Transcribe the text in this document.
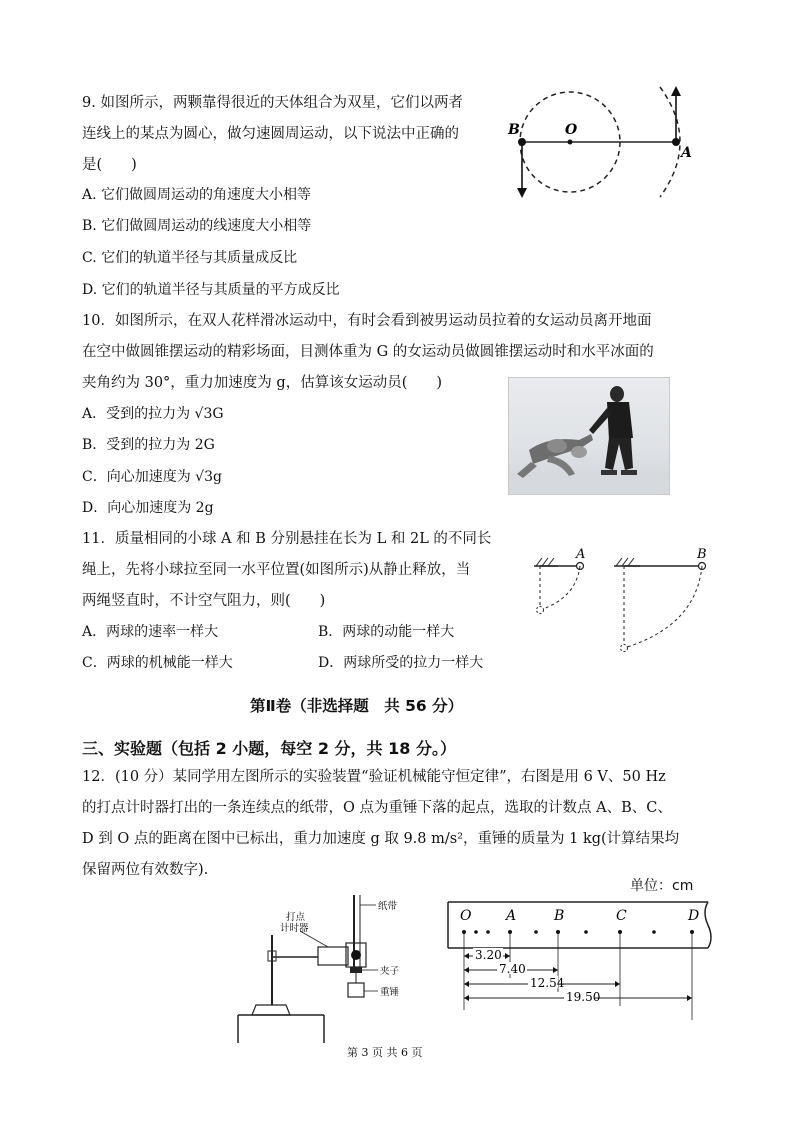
9. 如图所示，两颗靠得很近的天体组合为双星，它们以两者
连线上的某点为圆心，做匀速圆周运动，以下说法中正确的
是(　　)
A. 它们做圆周运动的角速度大小相等
B. 它们做圆周运动的线速度大小相等
C. 它们的轨道半径与其质量成反比
D. 它们的轨道半径与其质量的平方成反比
B	O
A
10．如图所示，在双人花样滑冰运动中，有时会看到被男运动员拉着的女运动员离开地面
在空中做圆锥摆运动的精彩场面，目测体重为 G 的女运动员做圆锥摆运动时和水平冰面的
夹角约为 30°，重力加速度为 g，估算该女运动员(　　)
A．受到的拉力为 √3G
B．受到的拉力为 2G
C．向心加速度为 √3g
D．向心加速度为 2g
11．质量相同的小球 A 和 B 分别悬挂在长为 L 和 2L 的不同长
绳上，先将小球拉至同一水平位置(如图所示)从静止释放，当
两绳竖直时，不计空气阻力，则(　　)
A．两球的速率一样大	B．两球的动能一样大
C．两球的机械能一样大	D．两球所受的拉力一样大
A	B
第Ⅱ卷（非选择题　共 56 分）
三、实验题（包括 2 小题，每空 2 分，共 18 分。）
12．(10 分）某同学用左图所示的实验装置“验证机械能守恒定律”，右图是用 6 V、50 Hz
的打点计时器打出的一条连续点的纸带，O 点为重锤下落的起点，选取的计数点 A、B、C、
D 到 O 点的距离在图中已标出，重力加速度 g 取 9.8 m/s²，重锤的质量为 1 kg(计算结果均
保留两位有效数字).
打点
计时器
纸带
夹子
重锤
单位：cm
O A	B	C	D
3.20
7.40
12.54
19.50
第 3 页 共 6 页
